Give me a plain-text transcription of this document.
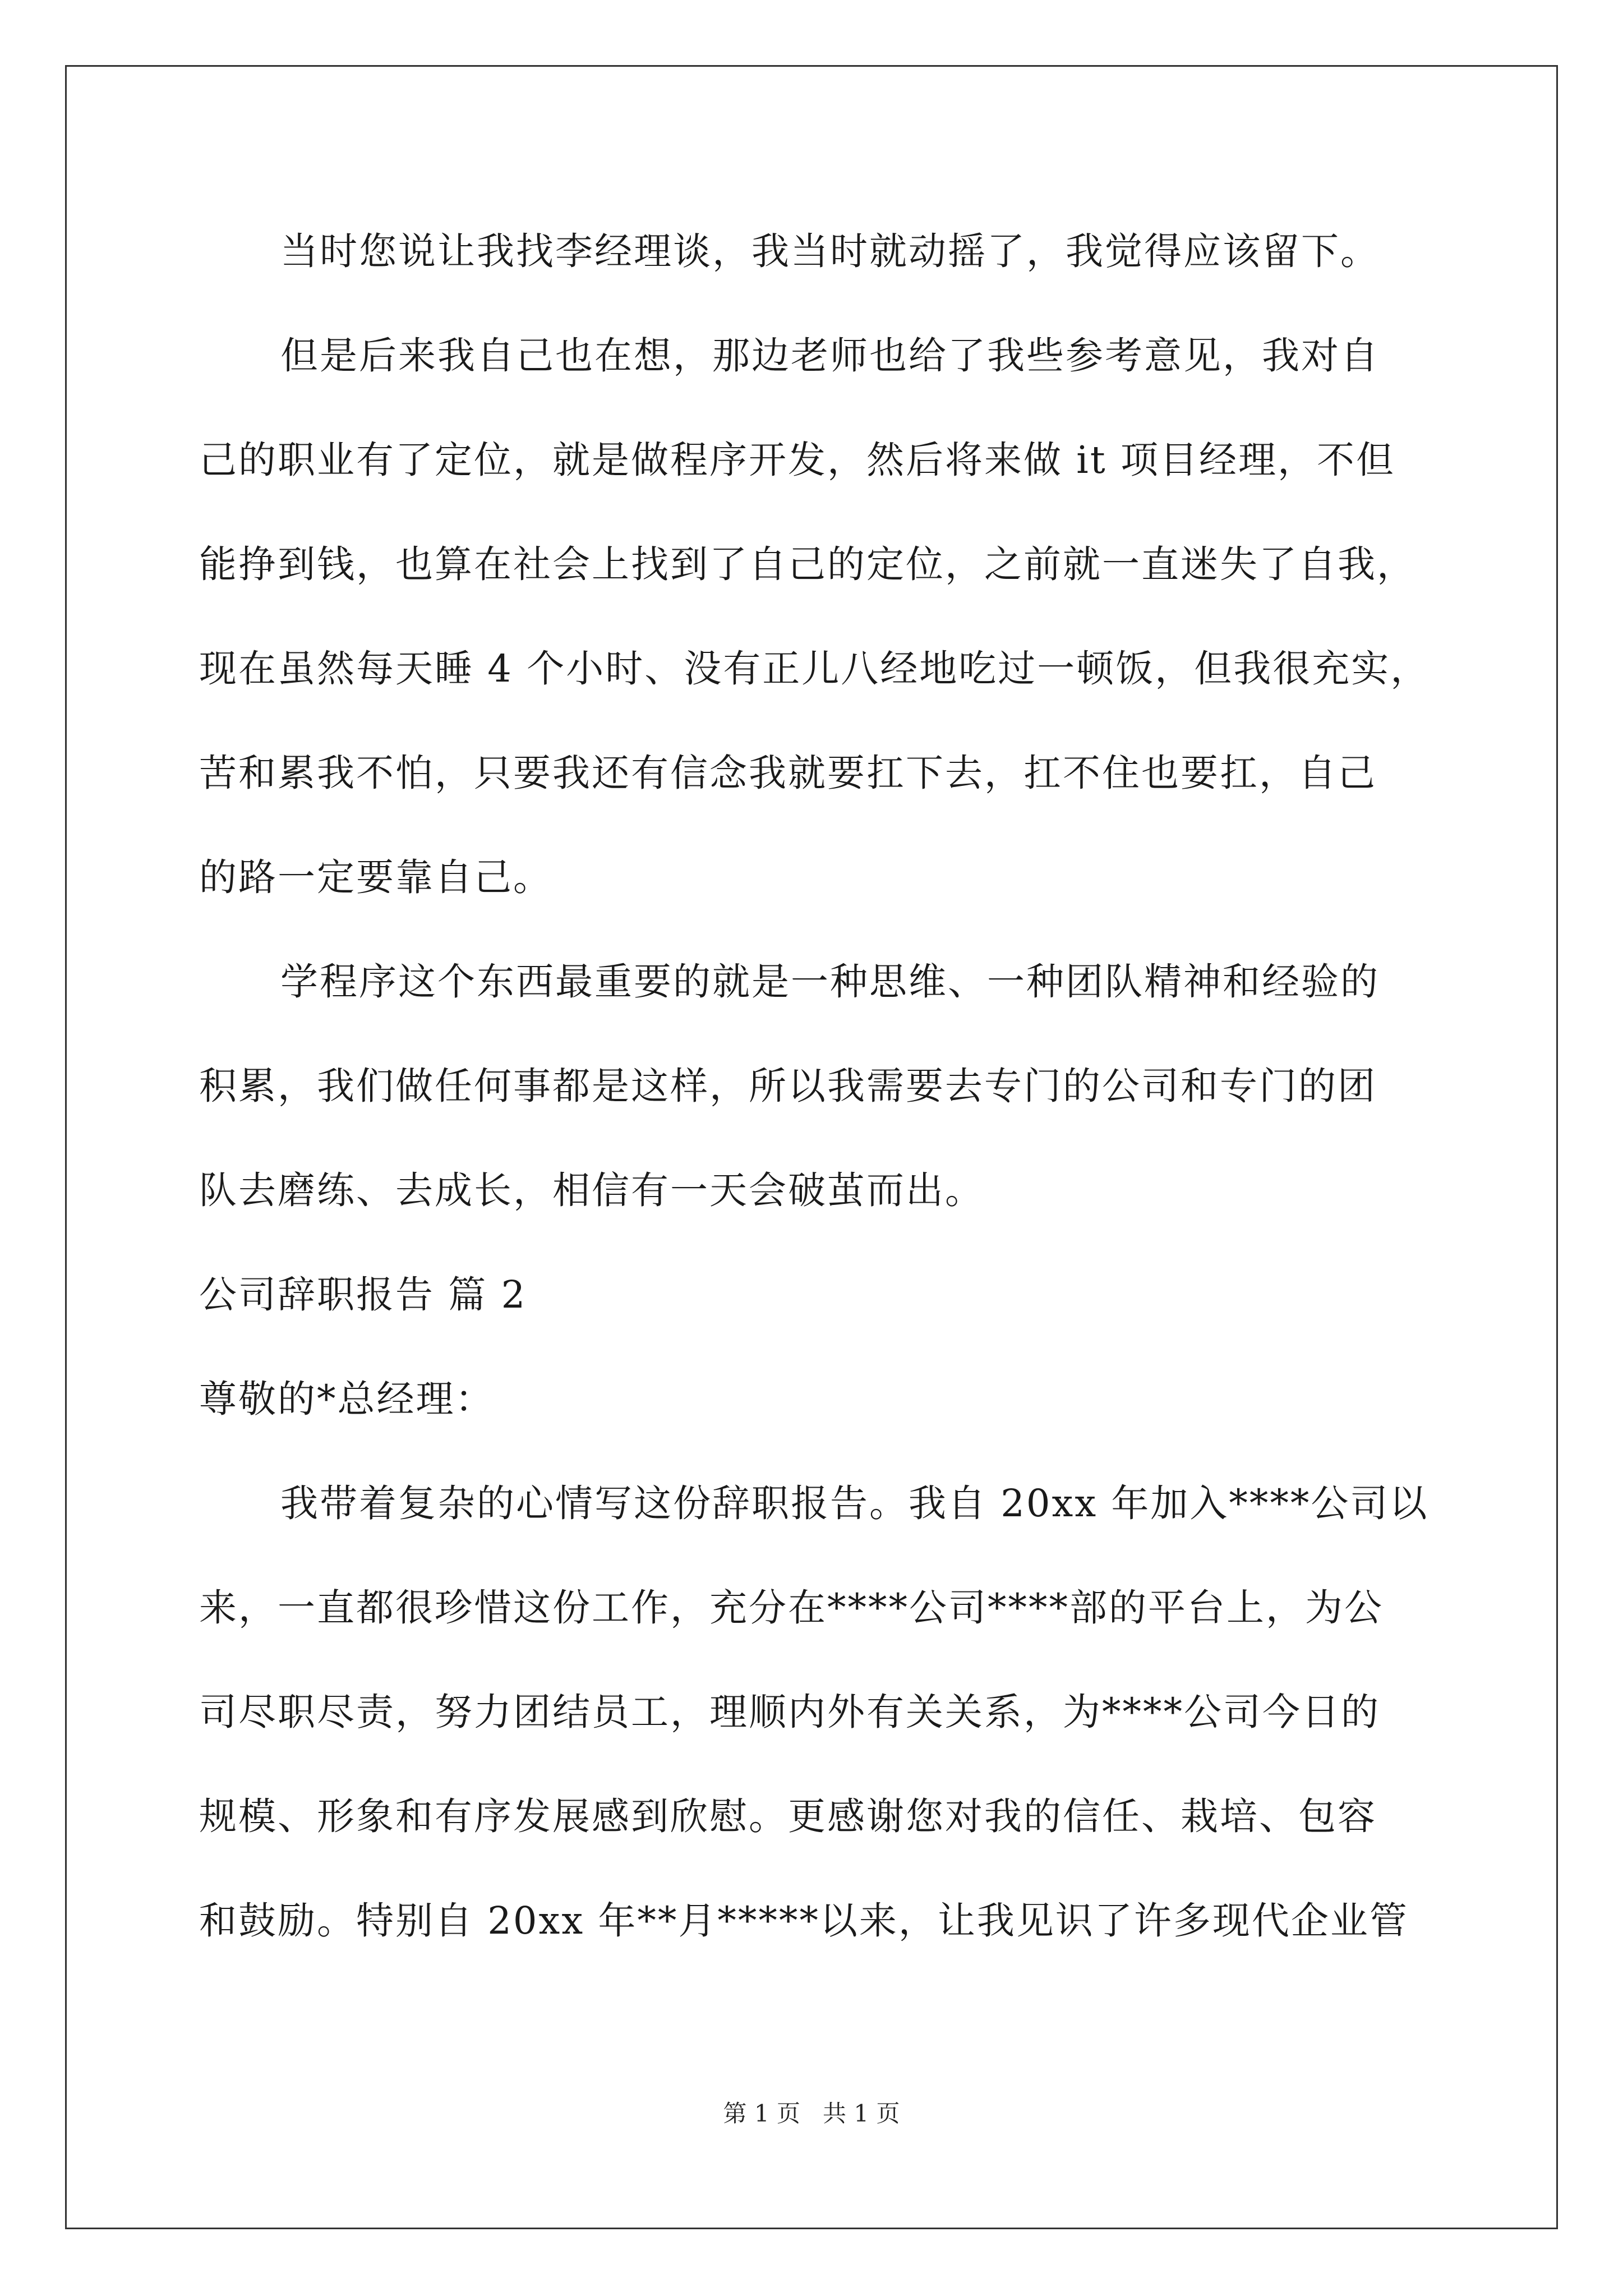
当时您说让我找李经理谈，我当时就动摇了，我觉得应该留下。
但是后来我自己也在想，那边老师也给了我些参考意见，我对自
己的职业有了定位，就是做程序开发，然后将来做 it 项目经理，不但
能挣到钱，也算在社会上找到了自己的定位，之前就一直迷失了自我，
现在虽然每天睡 4 个小时、没有正儿八经地吃过一顿饭，但我很充实，
苦和累我不怕，只要我还有信念我就要扛下去，扛不住也要扛，自己
的路一定要靠自己。
学程序这个东西最重要的就是一种思维、一种团队精神和经验的
积累，我们做任何事都是这样，所以我需要去专门的公司和专门的团
队去磨练、去成长，相信有一天会破茧而出。
公司辞职报告 篇 2
尊敬的*总经理：
我带着复杂的心情写这份辞职报告。我自 20xx 年加入****公司以
来，一直都很珍惜这份工作，充分在****公司****部的平台上，为公
司尽职尽责，努力团结员工，理顺内外有关关系，为****公司今日的
规模、形象和有序发展感到欣慰。更感谢您对我的信任、栽培、包容
和鼓励。特别自 20xx 年**月*****以来，让我见识了许多现代企业管
第 1 页   共 1 页
